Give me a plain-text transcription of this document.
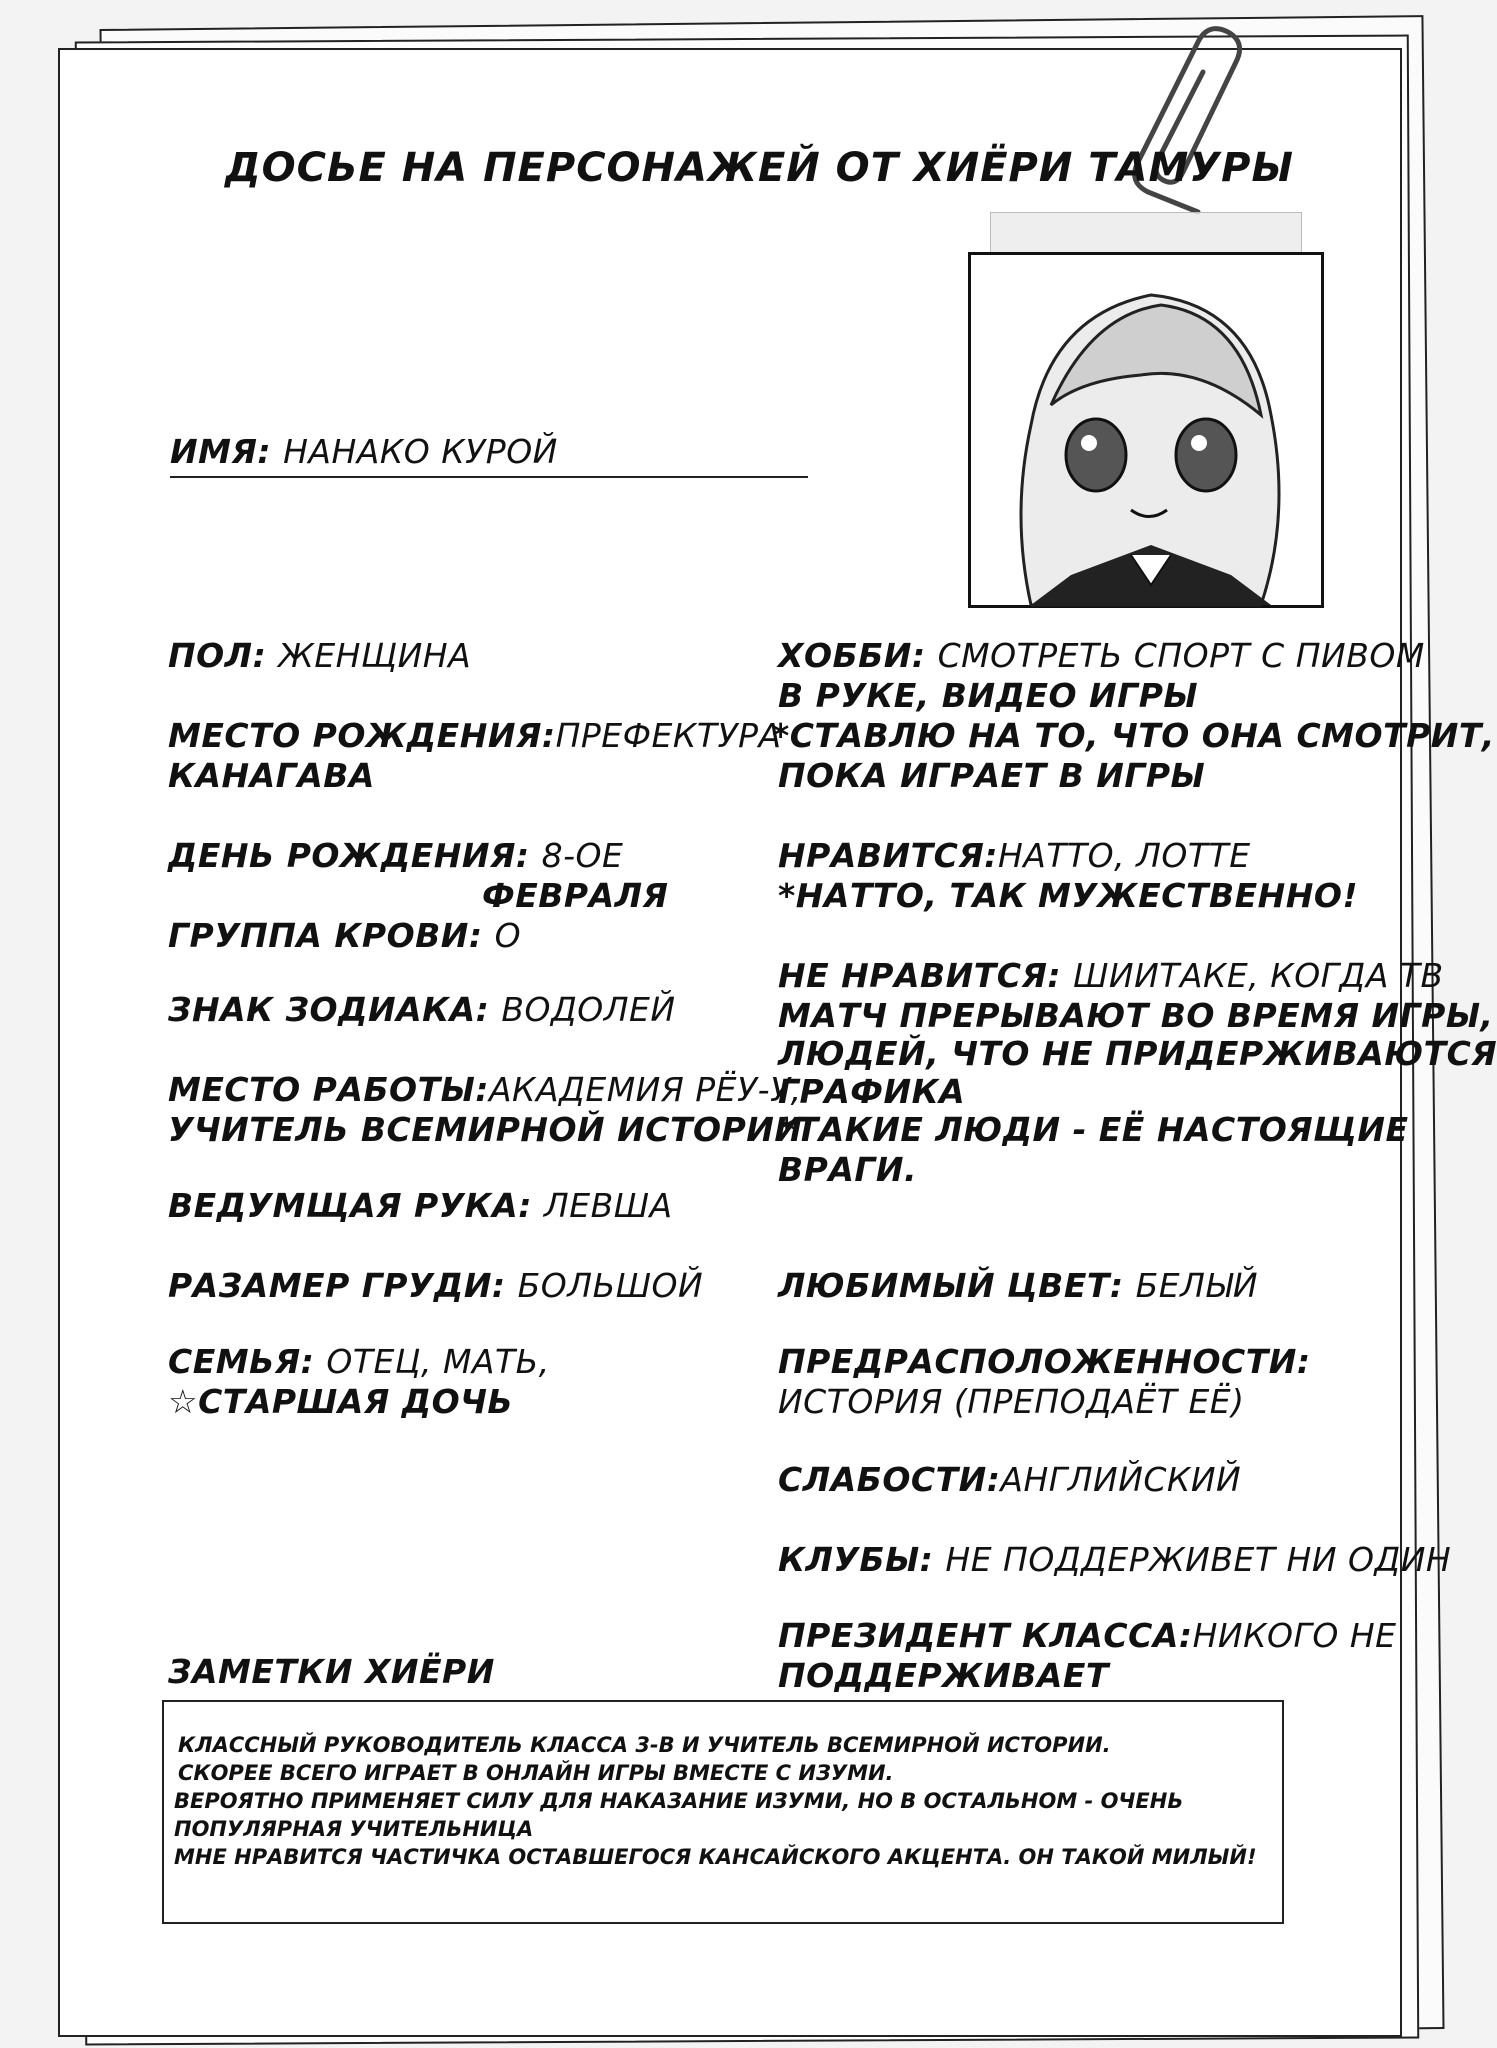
ДОСЬЕ НА ПЕРСОНАЖЕЙ ОТ ХИЁРИ ТАМУРЫ
ИМЯ: НАНАКО КУРОЙ
ПОЛ: ЖЕНЩИНА
МЕСТО РОЖДЕНИЯ:ПРЕФЕКТУРА
КАНАГАВА
ДЕНЬ РОЖДЕНИЯ: 8-ОЕ
ФЕВРАЛЯ
ГРУППА КРОВИ: О
ЗНАК ЗОДИАКА: ВОДОЛЕЙ
МЕСТО РАБОТЫ:АКАДЕМИЯ РЁУ-У,
УЧИТЕЛЬ ВСЕМИРНОЙ ИСТОРИИ
ВЕДУМЩАЯ РУКА: ЛЕВША
РАЗАМЕР ГРУДИ: БОЛЬШОЙ
СЕМЬЯ: ОТЕЦ, МАТЬ,
☆СТАРШАЯ ДОЧЬ
ХОББИ: СМОТРЕТЬ СПОРТ С ПИВОМ
В РУКЕ, ВИДЕО ИГРЫ
*СТАВЛЮ НА ТО, ЧТО ОНА СМОТРИТ,
ПОКА ИГРАЕТ В ИГРЫ
НРАВИТСЯ:НАТТО, ЛОТТЕ
*НАТТО, ТАК МУЖЕСТВЕННО!
НЕ НРАВИТСЯ: ШИИТАКЕ, КОГДА ТВ
МАТЧ ПРЕРЫВАЮТ ВО ВРЕМЯ ИГРЫ,
ЛЮДЕЙ, ЧТО НЕ ПРИДЕРЖИВАЮТСЯ
ГРАФИКА
*ТАКИЕ ЛЮДИ - ЕЁ НАСТОЯЩИЕ
ВРАГИ.
ЛЮБИМЫЙ ЦВЕТ: БЕЛЫЙ
ПРЕДРАСПОЛОЖЕННОСТИ:
ИСТОРИЯ (ПРЕПОДАЁТ ЕЁ)
СЛАБОСТИ:АНГЛИЙСКИЙ
КЛУБЫ: НЕ ПОДДЕРЖИВЕТ НИ ОДИН
ПРЕЗИДЕНТ КЛАССА:НИКОГО НЕ
ПОДДЕРЖИВАЕТ
ЗАМЕТКИ ХИЁРИ
КЛАССНЫЙ РУКОВОДИТЕЛЬ КЛАССА 3-В И УЧИТЕЛЬ ВСЕМИРНОЙ ИСТОРИИ.
СКОРЕЕ ВСЕГО ИГРАЕТ В ОНЛАЙН ИГРЫ ВМЕСТЕ С ИЗУМИ.
ВЕРОЯТНО ПРИМЕНЯЕТ СИЛУ ДЛЯ НАКАЗАНИЕ ИЗУМИ, НО В ОСТАЛЬНОМ - ОЧЕНЬ
ПОПУЛЯРНАЯ УЧИТЕЛЬНИЦА
МНЕ НРАВИТСЯ ЧАСТИЧКА ОСТАВШЕГОСЯ КАНСАЙСКОГО АКЦЕНТА. ОН ТАКОЙ МИЛЫЙ!
